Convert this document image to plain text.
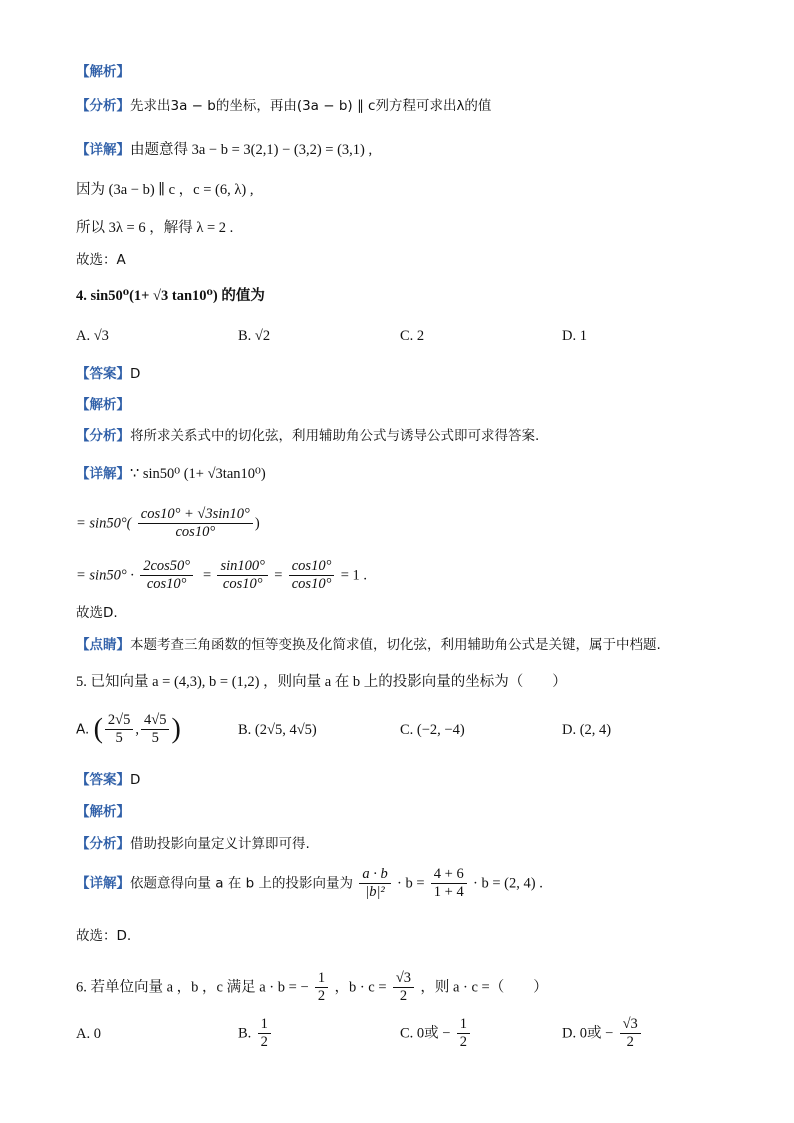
【解析】
【分析】先求出3a − b的坐标，再由(3a − b) ∥ c列方程可求出λ的值
【详解】由题意得 3a − b = 3(2,1) − (3,2) = (3,1) ,
因为 (3a − b) ∥ c ，c = (6, λ) ,
所以 3λ = 6 ，解得 λ = 2 .
故选：A
4. sin50⁰(1+ √3 tan10⁰) 的值为
A. √3	B. √2	C. 2	D. 1
【答案】D
【解析】
【分析】将所求关系式中的切化弦，利用辅助角公式与诱导公式即可求得答案.
【详解】∵ sin50⁰ (1+ √3tan10⁰)
= $\sin 50^\circ( \frac{\cos 10^\circ + √3\sin 10^\circ}{\cos 10^\circ}$ )
= $\sin 50^\circ \cdot \frac{2\cos 50^\circ}{\cos 10^\circ} = \frac{\sin 100^\circ}{\cos 10^\circ} = \frac{\cos 10^\circ}{\cos 10^\circ} = 1$ .
故选D.
【点睛】本题考查三角函数的恒等变换及化简求值，切化弦，利用辅助角公式是关键，属于中档题.
5. 已知向量 a = (4,3), b = (1,2) ，则向量 a 在 b 上的投影向量的坐标为（　　）
A. ( $\frac{2√5}{5}$ , $\frac{4√5}{5}$ )	B. (2√5, 4√5)	C. (−2, −4)	D. (2, 4)
【答案】D
【解析】
【分析】借助投影向量定义计算即可得.
【详解】依题意得向量 a 在 b 上的投影向量为 $\frac{a \cdot b}{\text{|b|²}} \cdot b = \frac{4 + 6}{1 + 4} \cdot b = (2$, 4) .
故选：D.
6. 若单位向量 a ，b ，c 满足 a · b = − $\frac{1}{2}$ ，$b \cdot c = \frac{√3}{2}$ ，则 a · c =（　　）
A. 0	B. $\frac{1}{2}$	C. 0或 − $\frac{1}{2}$	D. 0或 − $\frac{√3}{2}$
